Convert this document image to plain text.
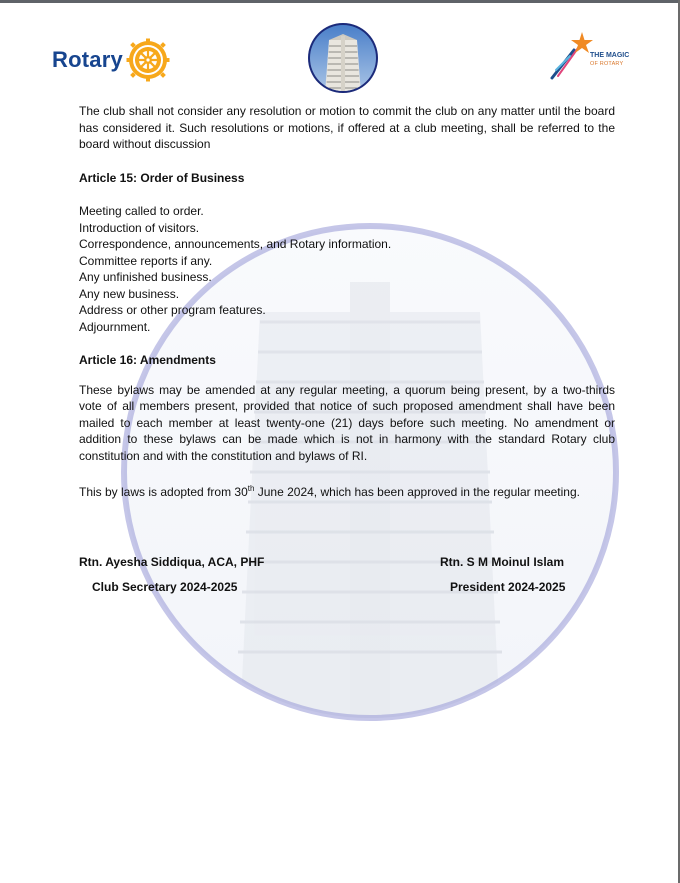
Rotary	THE MAGIC
OF ROTARY

The club shall not consider any resolution or motion to commit the club on any matter until the board has considered it. Such resolutions or motions, if offered at a club meeting, shall be referred to the board without discussion

Article 15: Order of Business

Meeting called to order.
Introduction of visitors.
Correspondence, announcements, and Rotary information.
Committee reports if any.
Any unfinished business.
Any new business.
Address or other program features.
Adjournment.

Article 16: Amendments

These bylaws may be amended at any regular meeting, a quorum being present, by a two-thirds vote of all members present, provided that notice of such proposed amendment shall have been mailed to each member at least twenty-one (21) days before such meeting. No amendment or addition to these bylaws can be made which is not in harmony with the standard Rotary club constitution and with the constitution and bylaws of RI.

This by laws is adopted from 30th June 2024, which has been approved in the regular meeting.

Rtn. Ayesha Siddiqua, ACA, PHF
Club Secretary 2024-2025
Rtn. S M Moinul Islam
President 2024-2025
